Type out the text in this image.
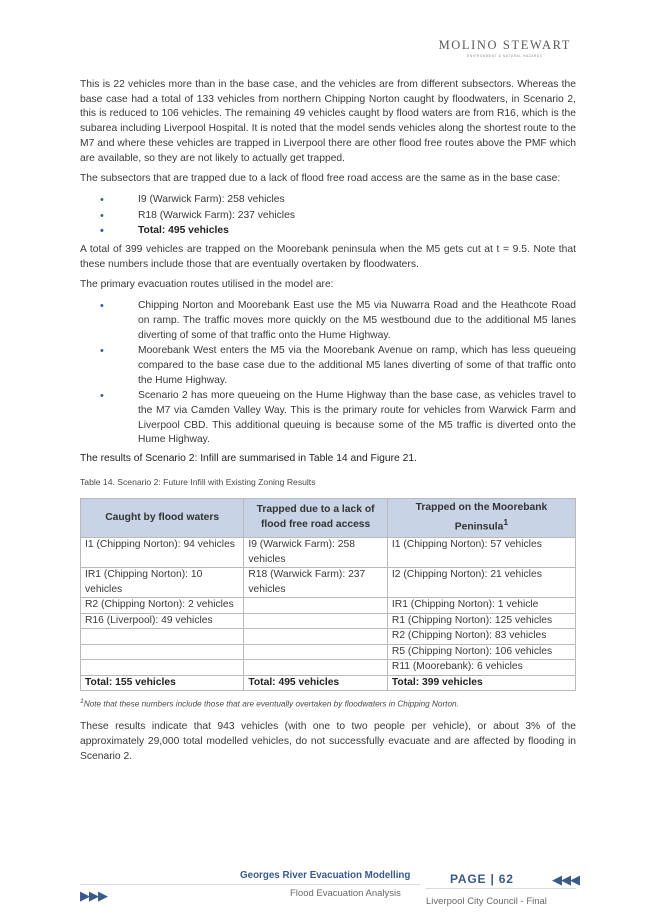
MOLINO STEWART
ENVIRONMENT & NATURAL HAZARDS

This is 22 vehicles more than in the base case, and the vehicles are from different subsectors. Whereas the base case had a total of 133 vehicles from northern Chipping Norton caught by floodwaters, in Scenario 2, this is reduced to 106 vehicles. The remaining 49 vehicles caught by flood waters are from R16, which is the subarea including Liverpool Hospital. It is noted that the model sends vehicles along the shortest route to the M7 and where these vehicles are trapped in Liverpool there are other flood free routes above the PMF which are available, so they are not likely to actually get trapped.

The subsectors that are trapped due to a lack of flood free road access are the same as in the base case:

•	I9 (Warwick Farm): 258 vehicles
•	R18 (Warwick Farm): 237 vehicles
•	Total: 495 vehicles

A total of 399 vehicles are trapped on the Moorebank peninsula when the M5 gets cut at t = 9.5. Note that these numbers include those that are eventually overtaken by floodwaters.

The primary evacuation routes utilised in the model are:

•	Chipping Norton and Moorebank East use the M5 via Nuwarra Road and the Heathcote Road on ramp. The traffic moves more quickly on the M5 westbound due to the additional M5 lanes diverting of some of that traffic onto the Hume Highway.
•	Moorebank West enters the M5 via the Moorebank Avenue on ramp, which has less queueing compared to the base case due to the additional M5 lanes diverting of some of that traffic onto the Hume Highway.
•	Scenario 2 has more queueing on the Hume Highway than the base case, as vehicles travel to the M7 via Camden Valley Way. This is the primary route for vehicles from Warwick Farm and Liverpool CBD. This additional queuing is because some of the M5 traffic is diverted onto the Hume Highway.

The results of Scenario 2: Infill are summarised in Table 14 and Figure 21.

Table 14. Scenario 2: Future Infill with Existing Zoning Results
Caught by flood waters	Trapped due to a lack of flood free road access	Trapped on the Moorebank Peninsula$^1$
I1 (Chipping Norton): 94 vehicles	I9 (Warwick Farm): 258 vehicles	I1 (Chipping Norton): 57 vehicles
IR1 (Chipping Norton): 10 vehicles	R18 (Warwick Farm): 237 vehicles	I2 (Chipping Norton): 21 vehicles
R2 (Chipping Norton): 2 vehicles		IR1 (Chipping Norton): 1 vehicle
R16 (Liverpool): 49 vehicles		R1 (Chipping Norton): 125 vehicles
		R2 (Chipping Norton): 83 vehicles
		R5 (Chipping Norton): 106 vehicles
		R11 (Moorebank): 6 vehicles
Total: 155 vehicles	Total: 495 vehicles	Total: 399 vehicles
$^1$Note that these numbers include those that are eventually overtaken by floodwaters in Chipping Norton.

These results indicate that 943 vehicles (with one to two people per vehicle), or about 3% of the approximately 29,000 total modelled vehicles, do not successfully evacuate and are affected by flooding in Scenario 2.

Georges River Evacuation Modelling	PAGE | 62	◀◀◀
▶▶▶	Flood Evacuation Analysis
Liverpool City Council - Final
